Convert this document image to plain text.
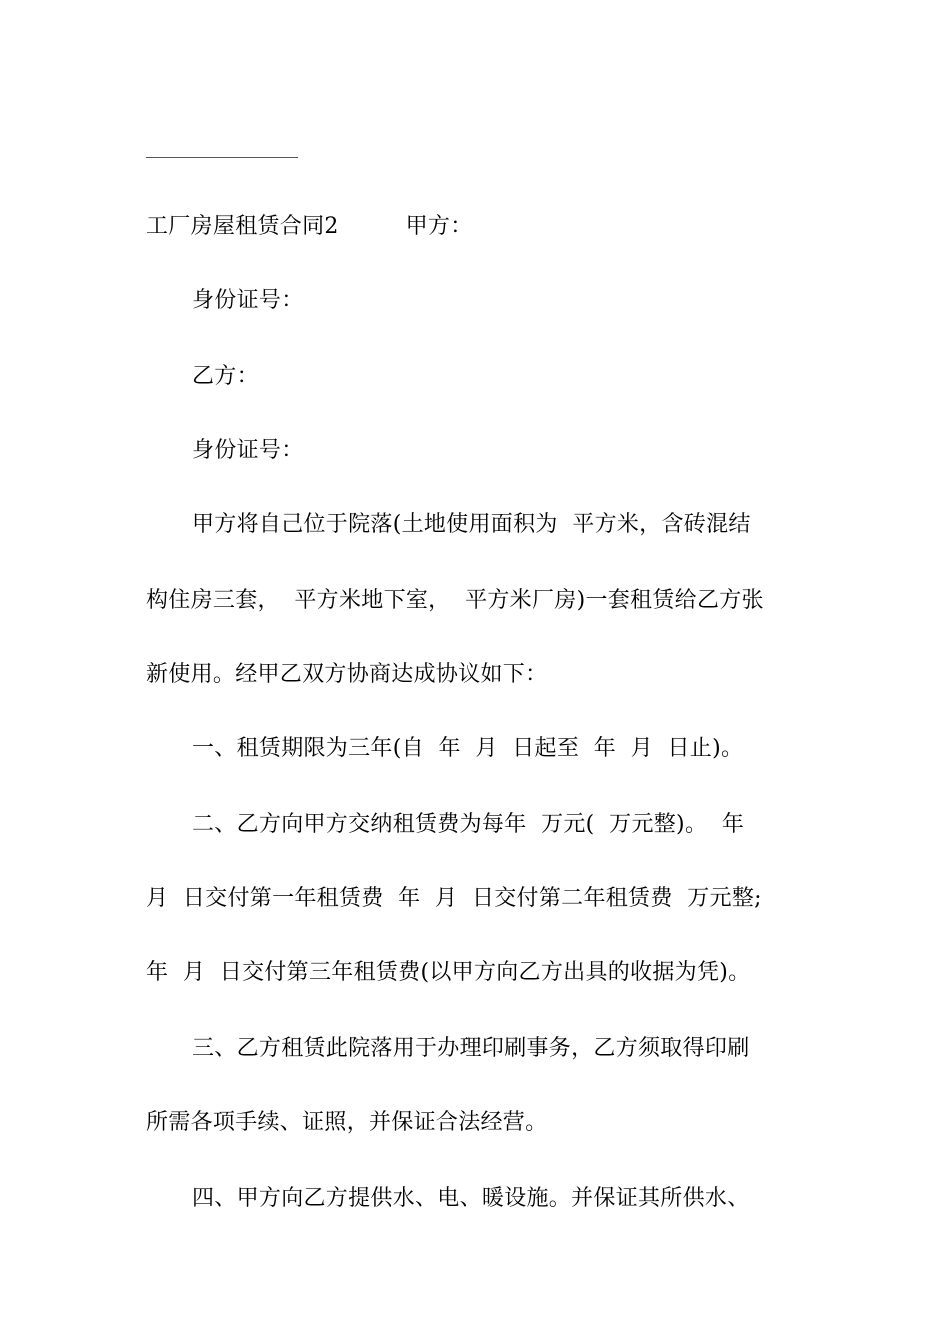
工厂房屋租赁合同2　　　甲方：
身份证号：
乙方：
身份证号：
甲方将自己位于院落(土地使用面积为  平方米，含砖混结
构住房三套，  平方米地下室，  平方米厂房)一套租赁给乙方张
新使用。经甲乙双方协商达成协议如下：
一、租赁期限为三年(自  年  月  日起至  年  月  日止)。
二、乙方向甲方交纳租赁费为每年  万元(  万元整)。  年
月  日交付第一年租赁费  年  月  日交付第二年租赁费  万元整;
年  月  日交付第三年租赁费(以甲方向乙方出具的收据为凭)。
三、乙方租赁此院落用于办理印刷事务，乙方须取得印刷
所需各项手续、证照，并保证合法经营。
四、甲方向乙方提供水、电、暖设施。并保证其所供水、
